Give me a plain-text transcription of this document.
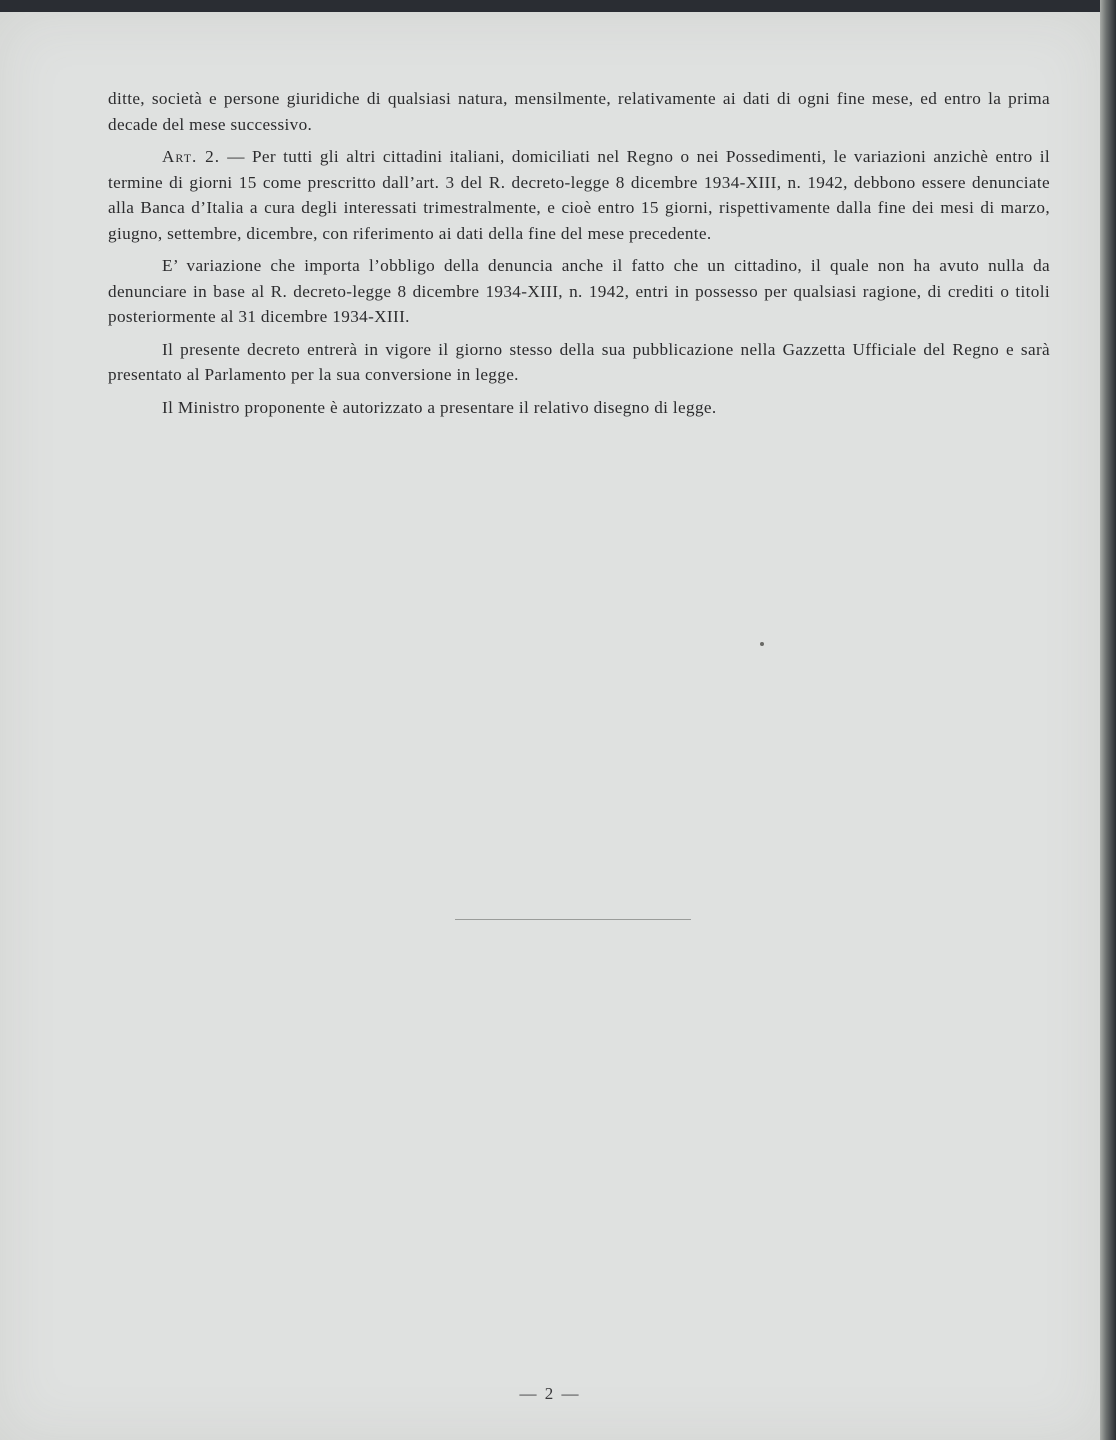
ditte, società e persone giuridiche di qualsiasi natura, mensilmente, relativamente ai dati di ogni fine mese, ed entro la prima decade del mese successivo.

Art. 2. — Per tutti gli altri cittadini italiani, domiciliati nel Regno o nei Possedimenti, le variazioni anzichè entro il termine di giorni 15 come prescritto dall’art. 3 del R. decreto-legge 8 dicembre 1934-XIII, n. 1942, debbono essere denunciate alla Banca d’Italia a cura degli interessati trimestralmente, e cioè entro 15 giorni, rispettivamente dalla fine dei mesi di marzo, giugno, settembre, dicembre, con riferimento ai dati della fine del mese precedente.

E’ variazione che importa l’obbligo della denuncia anche il fatto che un cittadino, il quale non ha avuto nulla da denunciare in base al R. decreto-legge 8 dicembre 1934-XIII, n. 1942, entri in possesso per qualsiasi ragione, di crediti o titoli posteriormente al 31 dicembre 1934-XIII.

Il presente decreto entrerà in vigore il giorno stesso della sua pubblicazione nella Gazzetta Ufficiale del Regno e sarà presentato al Parlamento per la sua conversione in legge.

Il Ministro proponente è autorizzato a presentare il relativo disegno di legge.

— 2 —
